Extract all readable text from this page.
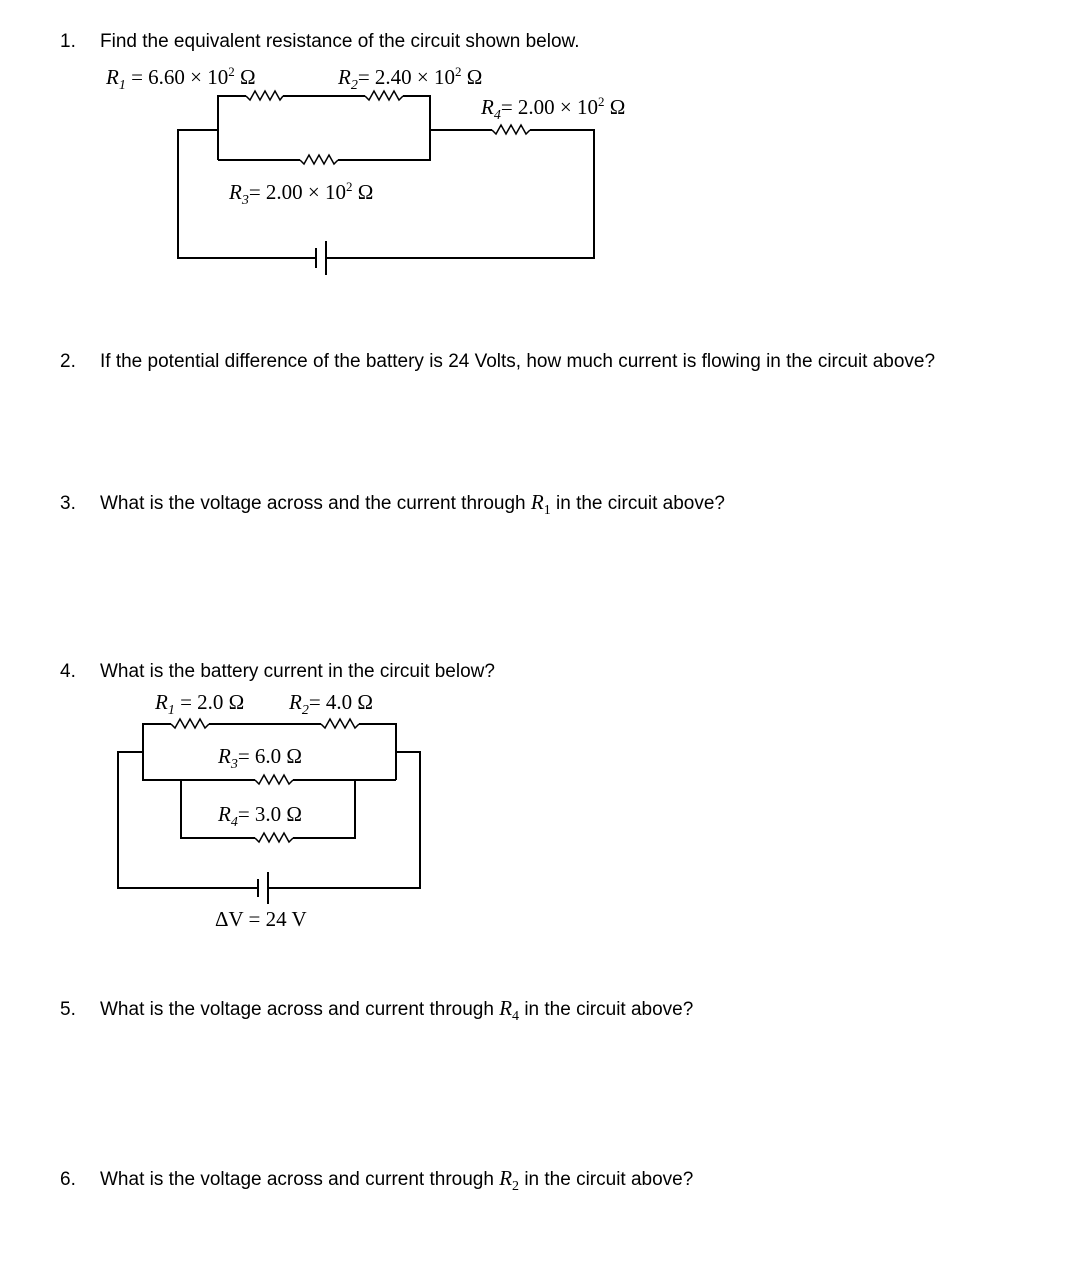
1. Find the equivalent resistance of the circuit shown below.
$R_1 = 6.60 \times 10^2$ Ω	$R_2= 2.40 \times 10^2$ Ω
$R_4= 2.00 \times 10^2$ Ω
$R_3= 2.00 \times 10^2$ Ω
2. If the potential difference of the battery is 24 Volts, how much current is flowing in the circuit above?
3. What is the voltage across and the current through $R_1$ in the circuit above?
4. What is the battery current in the circuit below?
$R_1 = 2.0$ Ω $R_2= 4.0$ Ω
$R_3= 6.0$ Ω
$R_4= 3.0$ Ω
ΔV = 24 V
5. What is the voltage across and current through $R_4$ in the circuit above?
6. What is the voltage across and current through $R_2$ in the circuit above?
